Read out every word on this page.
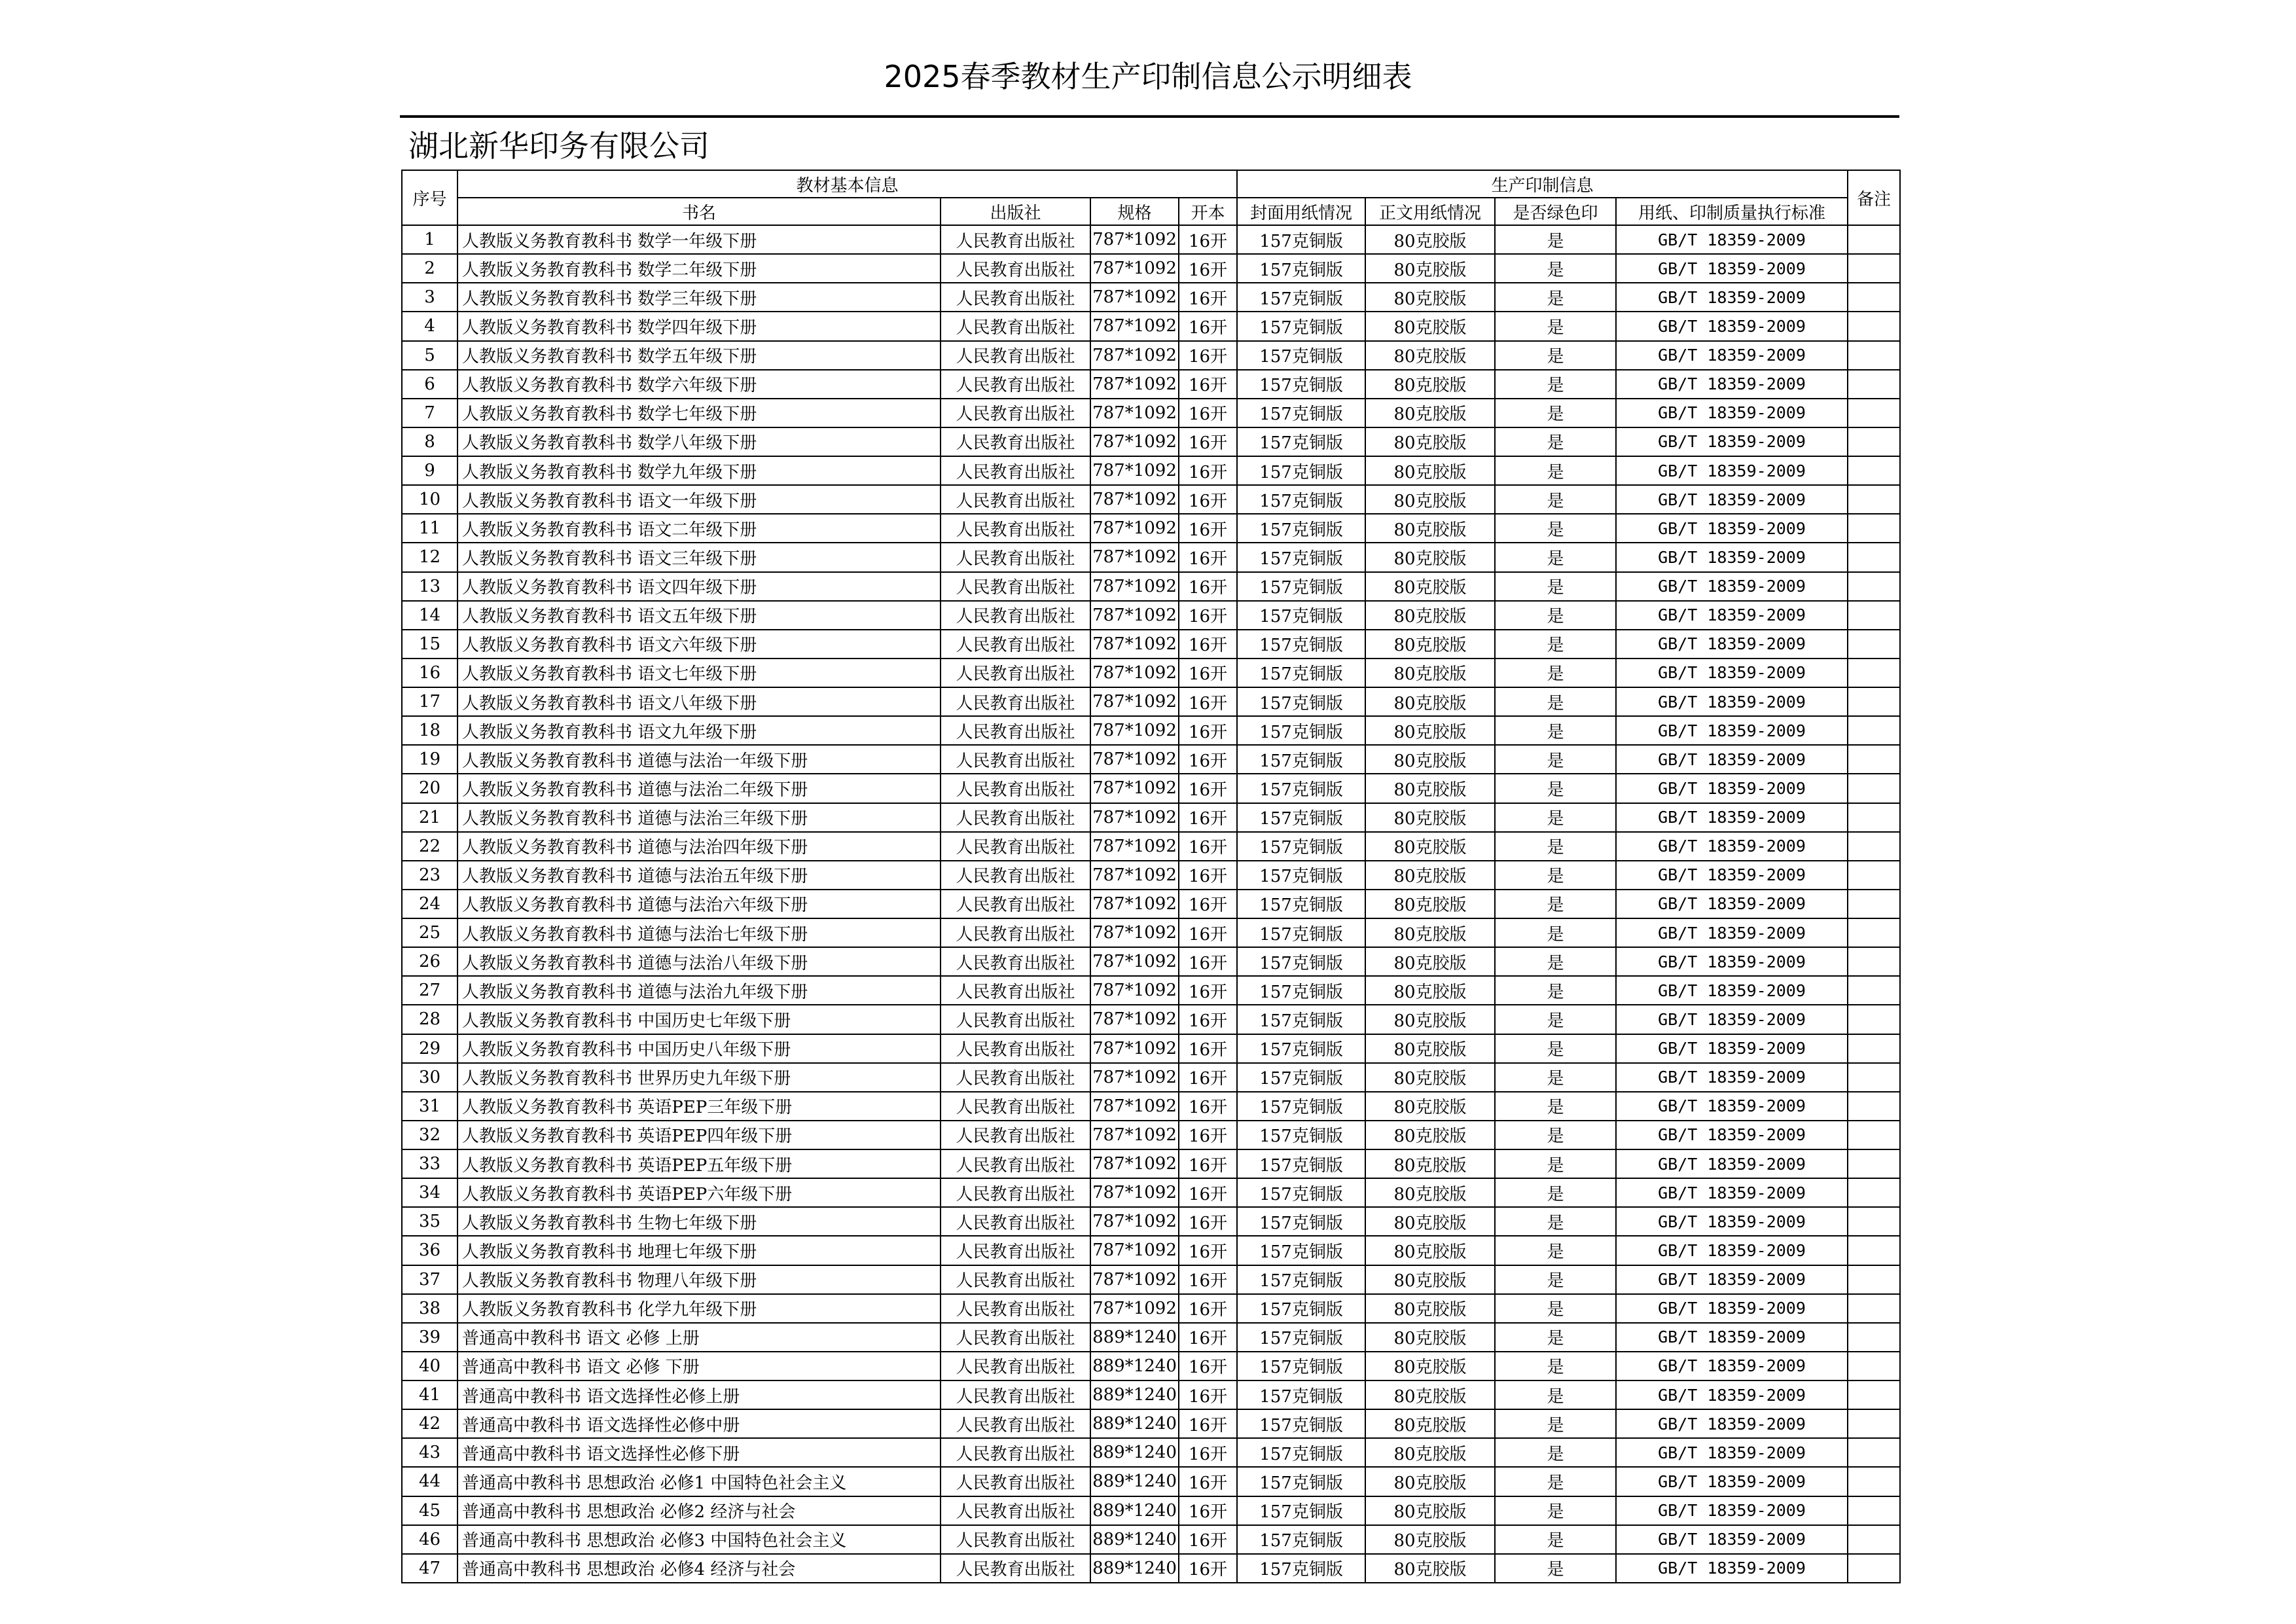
2025春季教材生产印制信息公示明细表
湖北新华印务有限公司
序号	教材基本信息				生产印制信息				备注
	书名	出版社	规格	开本	封面用纸情况	正文用纸情况	是否绿色印	用纸、印制质量执行标准	
1	人教版义务教育教科书 数学一年级下册	人民教育出版社	787*1092	16开	157克铜版	80克胶版	是	GB/T 18359-2009	
2	人教版义务教育教科书 数学二年级下册	人民教育出版社	787*1092	16开	157克铜版	80克胶版	是	GB/T 18359-2009	
3	人教版义务教育教科书 数学三年级下册	人民教育出版社	787*1092	16开	157克铜版	80克胶版	是	GB/T 18359-2009	
4	人教版义务教育教科书 数学四年级下册	人民教育出版社	787*1092	16开	157克铜版	80克胶版	是	GB/T 18359-2009	
5	人教版义务教育教科书 数学五年级下册	人民教育出版社	787*1092	16开	157克铜版	80克胶版	是	GB/T 18359-2009	
6	人教版义务教育教科书 数学六年级下册	人民教育出版社	787*1092	16开	157克铜版	80克胶版	是	GB/T 18359-2009	
7	人教版义务教育教科书 数学七年级下册	人民教育出版社	787*1092	16开	157克铜版	80克胶版	是	GB/T 18359-2009	
8	人教版义务教育教科书 数学八年级下册	人民教育出版社	787*1092	16开	157克铜版	80克胶版	是	GB/T 18359-2009	
9	人教版义务教育教科书 数学九年级下册	人民教育出版社	787*1092	16开	157克铜版	80克胶版	是	GB/T 18359-2009	
10	人教版义务教育教科书 语文一年级下册	人民教育出版社	787*1092	16开	157克铜版	80克胶版	是	GB/T 18359-2009	
11	人教版义务教育教科书 语文二年级下册	人民教育出版社	787*1092	16开	157克铜版	80克胶版	是	GB/T 18359-2009	
12	人教版义务教育教科书 语文三年级下册	人民教育出版社	787*1092	16开	157克铜版	80克胶版	是	GB/T 18359-2009	
13	人教版义务教育教科书 语文四年级下册	人民教育出版社	787*1092	16开	157克铜版	80克胶版	是	GB/T 18359-2009	
14	人教版义务教育教科书 语文五年级下册	人民教育出版社	787*1092	16开	157克铜版	80克胶版	是	GB/T 18359-2009	
15	人教版义务教育教科书 语文六年级下册	人民教育出版社	787*1092	16开	157克铜版	80克胶版	是	GB/T 18359-2009	
16	人教版义务教育教科书 语文七年级下册	人民教育出版社	787*1092	16开	157克铜版	80克胶版	是	GB/T 18359-2009	
17	人教版义务教育教科书 语文八年级下册	人民教育出版社	787*1092	16开	157克铜版	80克胶版	是	GB/T 18359-2009	
18	人教版义务教育教科书 语文九年级下册	人民教育出版社	787*1092	16开	157克铜版	80克胶版	是	GB/T 18359-2009	
19	人教版义务教育教科书 道德与法治一年级下册	人民教育出版社	787*1092	16开	157克铜版	80克胶版	是	GB/T 18359-2009	
20	人教版义务教育教科书 道德与法治二年级下册	人民教育出版社	787*1092	16开	157克铜版	80克胶版	是	GB/T 18359-2009	
21	人教版义务教育教科书 道德与法治三年级下册	人民教育出版社	787*1092	16开	157克铜版	80克胶版	是	GB/T 18359-2009	
22	人教版义务教育教科书 道德与法治四年级下册	人民教育出版社	787*1092	16开	157克铜版	80克胶版	是	GB/T 18359-2009	
23	人教版义务教育教科书 道德与法治五年级下册	人民教育出版社	787*1092	16开	157克铜版	80克胶版	是	GB/T 18359-2009	
24	人教版义务教育教科书 道德与法治六年级下册	人民教育出版社	787*1092	16开	157克铜版	80克胶版	是	GB/T 18359-2009	
25	人教版义务教育教科书 道德与法治七年级下册	人民教育出版社	787*1092	16开	157克铜版	80克胶版	是	GB/T 18359-2009	
26	人教版义务教育教科书 道德与法治八年级下册	人民教育出版社	787*1092	16开	157克铜版	80克胶版	是	GB/T 18359-2009	
27	人教版义务教育教科书 道德与法治九年级下册	人民教育出版社	787*1092	16开	157克铜版	80克胶版	是	GB/T 18359-2009	
28	人教版义务教育教科书 中国历史七年级下册	人民教育出版社	787*1092	16开	157克铜版	80克胶版	是	GB/T 18359-2009	
29	人教版义务教育教科书 中国历史八年级下册	人民教育出版社	787*1092	16开	157克铜版	80克胶版	是	GB/T 18359-2009	
30	人教版义务教育教科书 世界历史九年级下册	人民教育出版社	787*1092	16开	157克铜版	80克胶版	是	GB/T 18359-2009	
31	人教版义务教育教科书 英语PEP三年级下册	人民教育出版社	787*1092	16开	157克铜版	80克胶版	是	GB/T 18359-2009	
32	人教版义务教育教科书 英语PEP四年级下册	人民教育出版社	787*1092	16开	157克铜版	80克胶版	是	GB/T 18359-2009	
33	人教版义务教育教科书 英语PEP五年级下册	人民教育出版社	787*1092	16开	157克铜版	80克胶版	是	GB/T 18359-2009	
34	人教版义务教育教科书 英语PEP六年级下册	人民教育出版社	787*1092	16开	157克铜版	80克胶版	是	GB/T 18359-2009	
35	人教版义务教育教科书 生物七年级下册	人民教育出版社	787*1092	16开	157克铜版	80克胶版	是	GB/T 18359-2009	
36	人教版义务教育教科书 地理七年级下册	人民教育出版社	787*1092	16开	157克铜版	80克胶版	是	GB/T 18359-2009	
37	人教版义务教育教科书 物理八年级下册	人民教育出版社	787*1092	16开	157克铜版	80克胶版	是	GB/T 18359-2009	
38	人教版义务教育教科书 化学九年级下册	人民教育出版社	787*1092	16开	157克铜版	80克胶版	是	GB/T 18359-2009	
39	普通高中教科书 语文 必修 上册	人民教育出版社	889*1240	16开	157克铜版	80克胶版	是	GB/T 18359-2009	
40	普通高中教科书 语文 必修 下册	人民教育出版社	889*1240	16开	157克铜版	80克胶版	是	GB/T 18359-2009	
41	普通高中教科书 语文选择性必修上册	人民教育出版社	889*1240	16开	157克铜版	80克胶版	是	GB/T 18359-2009	
42	普通高中教科书 语文选择性必修中册	人民教育出版社	889*1240	16开	157克铜版	80克胶版	是	GB/T 18359-2009	
43	普通高中教科书 语文选择性必修下册	人民教育出版社	889*1240	16开	157克铜版	80克胶版	是	GB/T 18359-2009	
44	普通高中教科书 思想政治 必修1 中国特色社会主义	人民教育出版社	889*1240	16开	157克铜版	80克胶版	是	GB/T 18359-2009	
45	普通高中教科书 思想政治 必修2 经济与社会	人民教育出版社	889*1240	16开	157克铜版	80克胶版	是	GB/T 18359-2009	
46	普通高中教科书 思想政治 必修3 中国特色社会主义	人民教育出版社	889*1240	16开	157克铜版	80克胶版	是	GB/T 18359-2009	
47	普通高中教科书 思想政治 必修4 经济与社会	人民教育出版社	889*1240	16开	157克铜版	80克胶版	是	GB/T 18359-2009	
